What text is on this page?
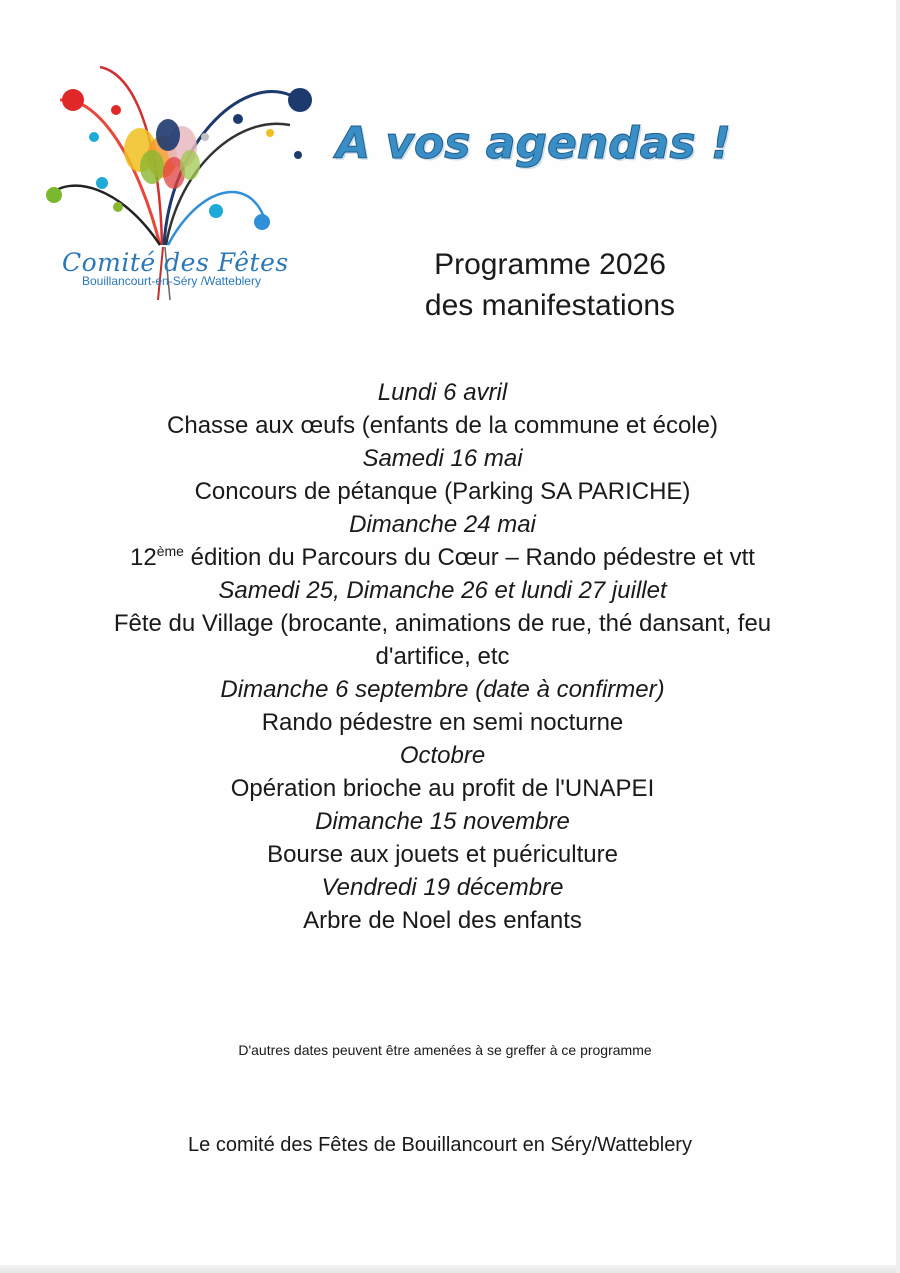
Comité des Fêtes
Bouillancourt-en-Séry /Watteblery
A vos agendas !
Programme 2026
des manifestations
Lundi 6 avril
Chasse aux œufs (enfants de la commune et école)
Samedi 16 mai
Concours de pétanque (Parking SA PARICHE)
Dimanche 24 mai
12ème édition du Parcours du Cœur – Rando pédestre et vtt
Samedi 25, Dimanche 26 et lundi 27 juillet
Fête du Village (brocante, animations de rue, thé dansant, feu d'artifice, etc
Dimanche 6 septembre (date à confirmer)
Rando pédestre en semi nocturne
Octobre
Opération brioche au profit de l'UNAPEI
Dimanche 15 novembre
Bourse aux jouets et puériculture
Vendredi 19 décembre
Arbre de Noel des enfants
D'autres dates peuvent être amenées à se greffer à ce programme
Le comité des Fêtes de Bouillancourt en Séry/Watteblery
